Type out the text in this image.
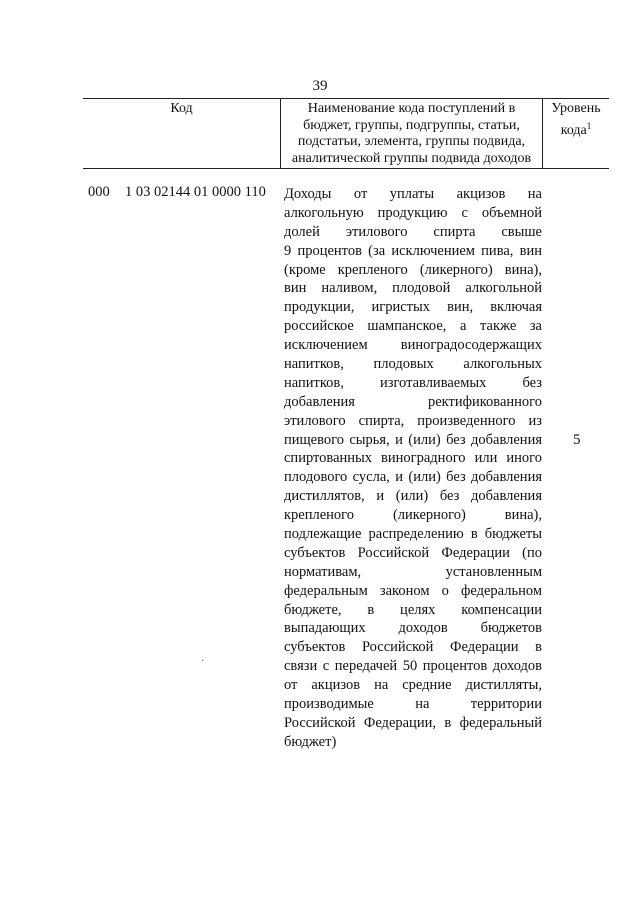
39
Код	Наименование кода поступлений в
бюджет, группы, подгруппы, статьи,
подстатьи, элемента, группы подвида,
аналитической группы подвида доходов
Уровень
кода$^1$
000 1 03 02144 01 0000 110 Доходы от уплаты акцизов на
алкогольную продукцию с объемной
долей этилового спирта свыше
9 процентов (за исключением пива, вин
(кроме крепленого (ликерного) вина),
вин наливом, плодовой алкогольной
продукции, игристых вин, включая
российское шампанское, а также за
исключением виноградосодержащих
напитков, плодовых алкогольных
напитков, изготавливаемых без
добавления ректификованного
этилового спирта, произведенного из
пищевого сырья, и (или) без добавления
спиртованных виноградного или иного
плодового сусла, и (или) без добавления
дистиллятов, и (или) без добавления
крепленого (ликерного) вина),
подлежащие распределению в бюджеты
субъектов Российской Федерации (по
нормативам, установленным
федеральным законом о федеральном
бюджете, в целях компенсации
выпадающих доходов бюджетов
субъектов Российской Федерации в
связи с передачей 50 процентов доходов
от акцизов на средние дистилляты,
производимые на территории
Российской Федерации, в федеральный
бюджет)
5
